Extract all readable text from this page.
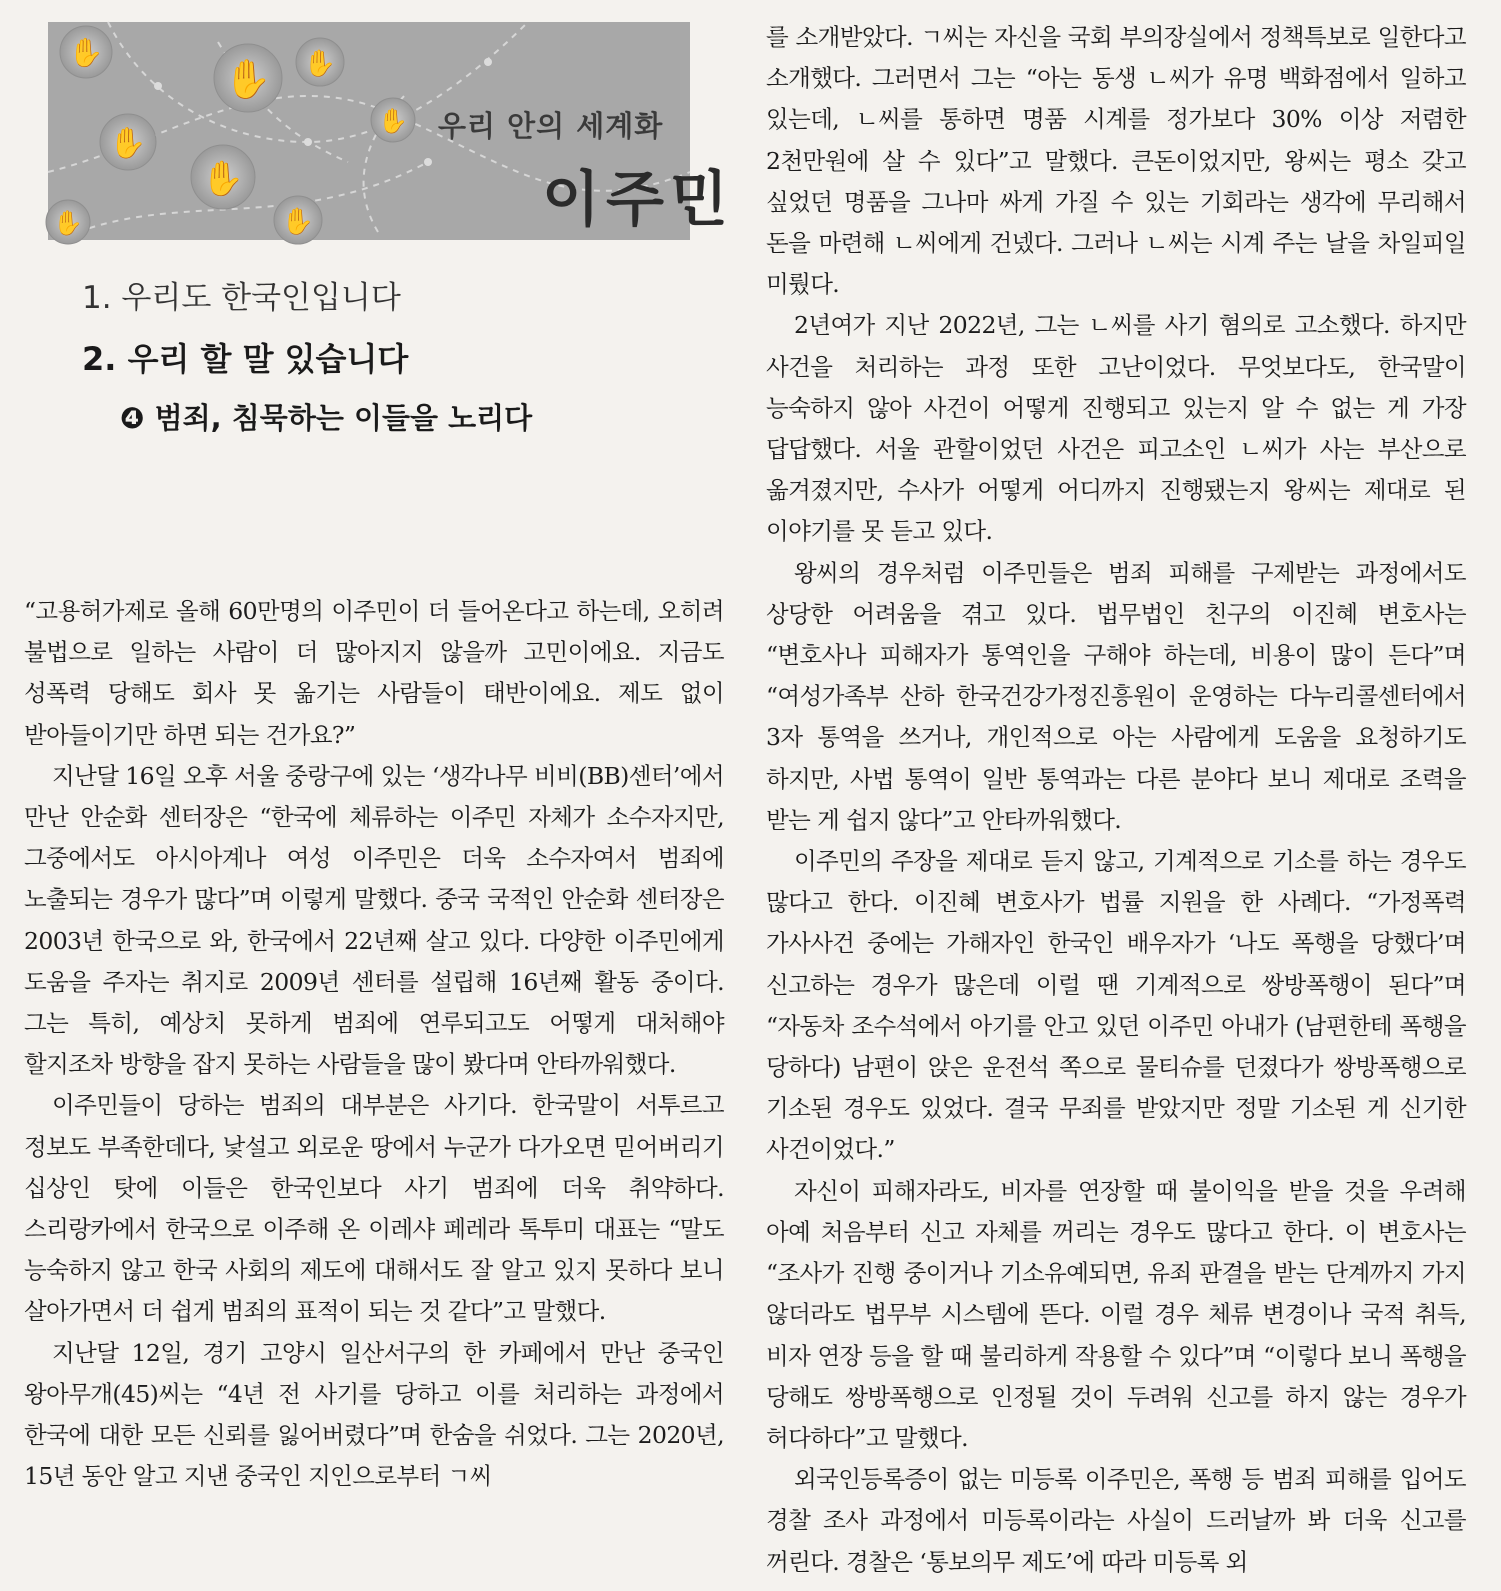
✋
✋
✋
✋
✋
✋
✋
✋
우리 안의 세계화
이주민
1. 우리도 한국인입니다
2. 우리 할 말 있습니다
❹ 범죄, 침묵하는 이들을 노리다

“고용허가제로 올해 60만명의 이주민이 더 들어온다고 하는데, 오히려 불법으로 일하는 사람이 더 많아지지 않을까 고민이에요. 지금도 성폭력 당해도 회사 못 옮기는 사람들이 태반이에요. 제도 없이 받아들이기만 하면 되는 건가요?”

지난달 16일 오후 서울 중랑구에 있는 ‘생각나무 비비(BB)센터’에서 만난 안순화 센터장은 “한국에 체류하는 이주민 자체가 소수자지만, 그중에서도 아시아계나 여성 이주민은 더욱 소수자여서 범죄에 노출되는 경우가 많다”며 이렇게 말했다. 중국 국적인 안순화 센터장은 2003년 한국으로 와, 한국에서 22년째 살고 있다. 다양한 이주민에게 도움을 주자는 취지로 2009년 센터를 설립해 16년째 활동 중이다. 그는 특히, 예상치 못하게 범죄에 연루되고도 어떻게 대처해야 할지조차 방향을 잡지 못하는 사람들을 많이 봤다며 안타까워했다.

이주민들이 당하는 범죄의 대부분은 사기다. 한국말이 서투르고 정보도 부족한데다, 낯설고 외로운 땅에서 누군가 다가오면 믿어버리기 십상인 탓에 이들은 한국인보다 사기 범죄에 더욱 취약하다. 스리랑카에서 한국으로 이주해 온 이레샤 페레라 톡투미 대표는 “말도 능숙하지 않고 한국 사회의 제도에 대해서도 잘 알고 있지 못하다 보니 살아가면서 더 쉽게 범죄의 표적이 되는 것 같다”고 말했다.

지난달 12일, 경기 고양시 일산서구의 한 카페에서 만난 중국인 왕아무개(45)씨는 “4년 전 사기를 당하고 이를 처리하는 과정에서 한국에 대한 모든 신뢰를 잃어버렸다”며 한숨을 쉬었다. 그는 2020년, 15년 동안 알고 지낸 중국인 지인으로부터 ㄱ씨

를 소개받았다. ㄱ씨는 자신을 국회 부의장실에서 정책특보로 일한다고 소개했다. 그러면서 그는 “아는 동생 ㄴ씨가 유명 백화점에서 일하고 있는데, ㄴ씨를 통하면 명품 시계를 정가보다 30% 이상 저렴한 2천만원에 살 수 있다”고 말했다. 큰돈이었지만, 왕씨는 평소 갖고 싶었던 명품을 그나마 싸게 가질 수 있는 기회라는 생각에 무리해서 돈을 마련해 ㄴ씨에게 건넸다. 그러나 ㄴ씨는 시계 주는 날을 차일피일 미뤘다.

2년여가 지난 2022년, 그는 ㄴ씨를 사기 혐의로 고소했다. 하지만 사건을 처리하는 과정 또한 고난이었다. 무엇보다도, 한국말이 능숙하지 않아 사건이 어떻게 진행되고 있는지 알 수 없는 게 가장 답답했다. 서울 관할이었던 사건은 피고소인 ㄴ씨가 사는 부산으로 옮겨졌지만, 수사가 어떻게 어디까지 진행됐는지 왕씨는 제대로 된 이야기를 못 듣고 있다.

왕씨의 경우처럼 이주민들은 범죄 피해를 구제받는 과정에서도 상당한 어려움을 겪고 있다. 법무법인 친구의 이진혜 변호사는 “변호사나 피해자가 통역인을 구해야 하는데, 비용이 많이 든다”며 “여성가족부 산하 한국건강가정진흥원이 운영하는 다누리콜센터에서 3자 통역을 쓰거나, 개인적으로 아는 사람에게 도움을 요청하기도 하지만, 사법 통역이 일반 통역과는 다른 분야다 보니 제대로 조력을 받는 게 쉽지 않다”고 안타까워했다.

이주민의 주장을 제대로 듣지 않고, 기계적으로 기소를 하는 경우도 많다고 한다. 이진혜 변호사가 법률 지원을 한 사례다. “가정폭력 가사사건 중에는 가해자인 한국인 배우자가 ‘나도 폭행을 당했다’며 신고하는 경우가 많은데 이럴 땐 기계적으로 쌍방폭행이 된다”며 “자동차 조수석에서 아기를 안고 있던 이주민 아내가 (남편한테 폭행을 당하다) 남편이 앉은 운전석 쪽으로 물티슈를 던졌다가 쌍방폭행으로 기소된 경우도 있었다. 결국 무죄를 받았지만 정말 기소된 게 신기한 사건이었다.”

자신이 피해자라도, 비자를 연장할 때 불이익을 받을 것을 우려해 아예 처음부터 신고 자체를 꺼리는 경우도 많다고 한다. 이 변호사는 “조사가 진행 중이거나 기소유예되면, 유죄 판결을 받는 단계까지 가지 않더라도 법무부 시스템에 뜬다. 이럴 경우 체류 변경이나 국적 취득, 비자 연장 등을 할 때 불리하게 작용할 수 있다”며 “이렇다 보니 폭행을 당해도 쌍방폭행으로 인정될 것이 두려워 신고를 하지 않는 경우가 허다하다”고 말했다.

외국인등록증이 없는 미등록 이주민은, 폭행 등 범죄 피해를 입어도 경찰 조사 과정에서 미등록이라는 사실이 드러날까 봐 더욱 신고를 꺼린다. 경찰은 ‘통보의무 제도’에 따라 미등록 외
